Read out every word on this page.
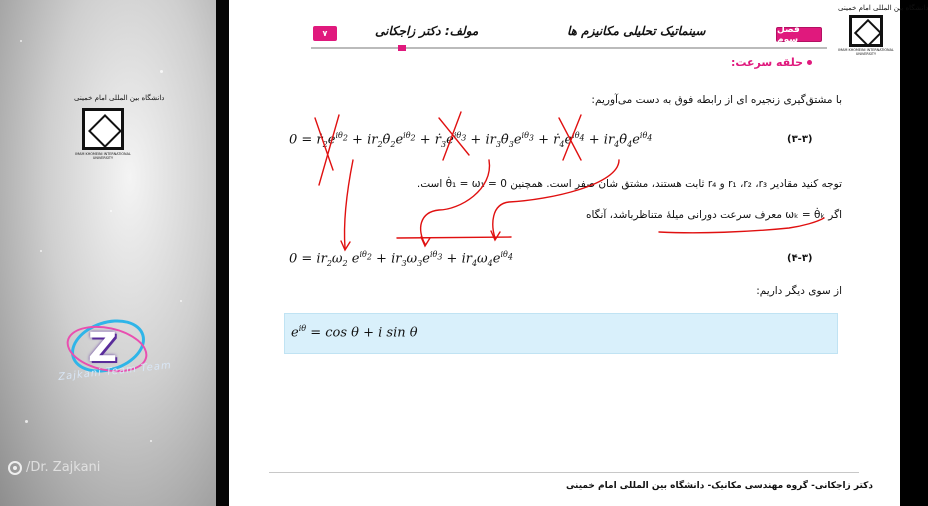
دانشگاه بین المللی امام خمینی
IMAM KHOMEINI INTERNATIONAL UNIVERSITY
Z
Zajkani Team Team
/Dr. Zajkani
دانشگاه بین المللی امام خمینی
IMAM KHOMEINI INTERNATIONAL UNIVERSITY
فصل سوم
سینماتیک تحلیلی مکانیزم ها
مولف: دکتر زاجکانی
۷
حلقه سرعت:
با مشتق‌گیری زنجیره ای از رابطه فوق به دست می‌آوریم:
$0 = ṙ_2e^{i\theta_2}$ + $ir_2\thetȧ_2e^{i\theta_2}$ + $ṙ_3e^{i\theta_3}$ + $ir_3\thetȧ_3e^{i\theta_3}$ + $ṙ_4e^{i\theta_4}$ + $ir_4\thetȧ_4e^{i\theta_4}$	(۳-۳)
توجه کنید مقادیر r₁ ،r₂ ،r₃ و r₄ ثابت هستند، مشتق شان صفر است. همچنین 0 = θ̇₁ = ω₁ است.
اگر ωₖ = θ̇ₖ معرف سرعت دورانی میلهٔ متناظرباشد، آنگاه
$0 = ir_2\omega_2$ $e^{i\theta_2} + ir_3\omega_3e^{i\theta_3} + ir_4\omega_4e^{i\theta_4}$	(۴-۳)
از سوی دیگر داریم:
$e^{i\theta} = \cos \theta + i$ sin θ
دکتر زاجکانی- گروه مهندسی مکانیک- دانشگاه بین المللی امام خمینی
